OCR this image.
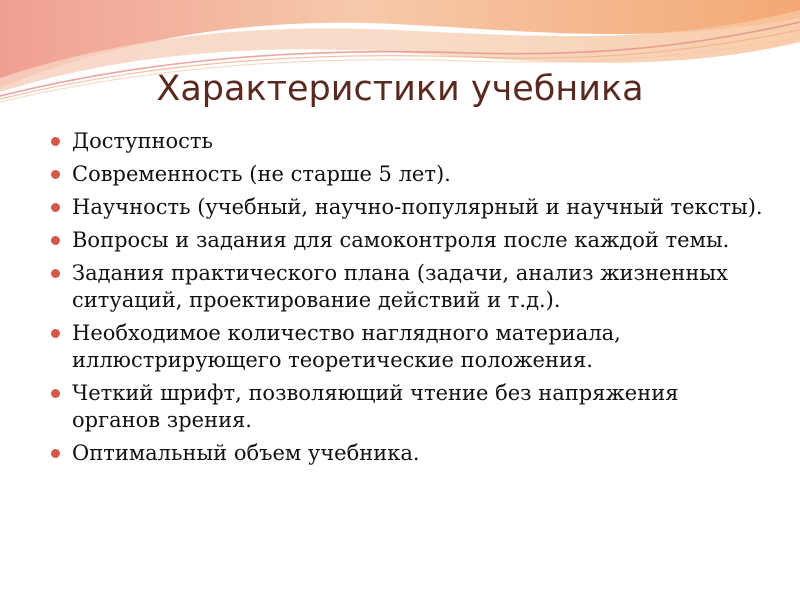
Характеристики учебника
Доступность
Современность (не старше 5 лет).
Научность (учебный, научно-популярный и научный тексты).
Вопросы и задания для самоконтроля после каждой темы.
Задания практического плана (задачи, анализ жизненных ситуаций, проектирование действий и т.д.).
Необходимое количество наглядного материала, иллюстрирующего теоретические положения.
Четкий шрифт, позволяющий чтение без напряжения органов зрения.
Оптимальный объем учебника.
